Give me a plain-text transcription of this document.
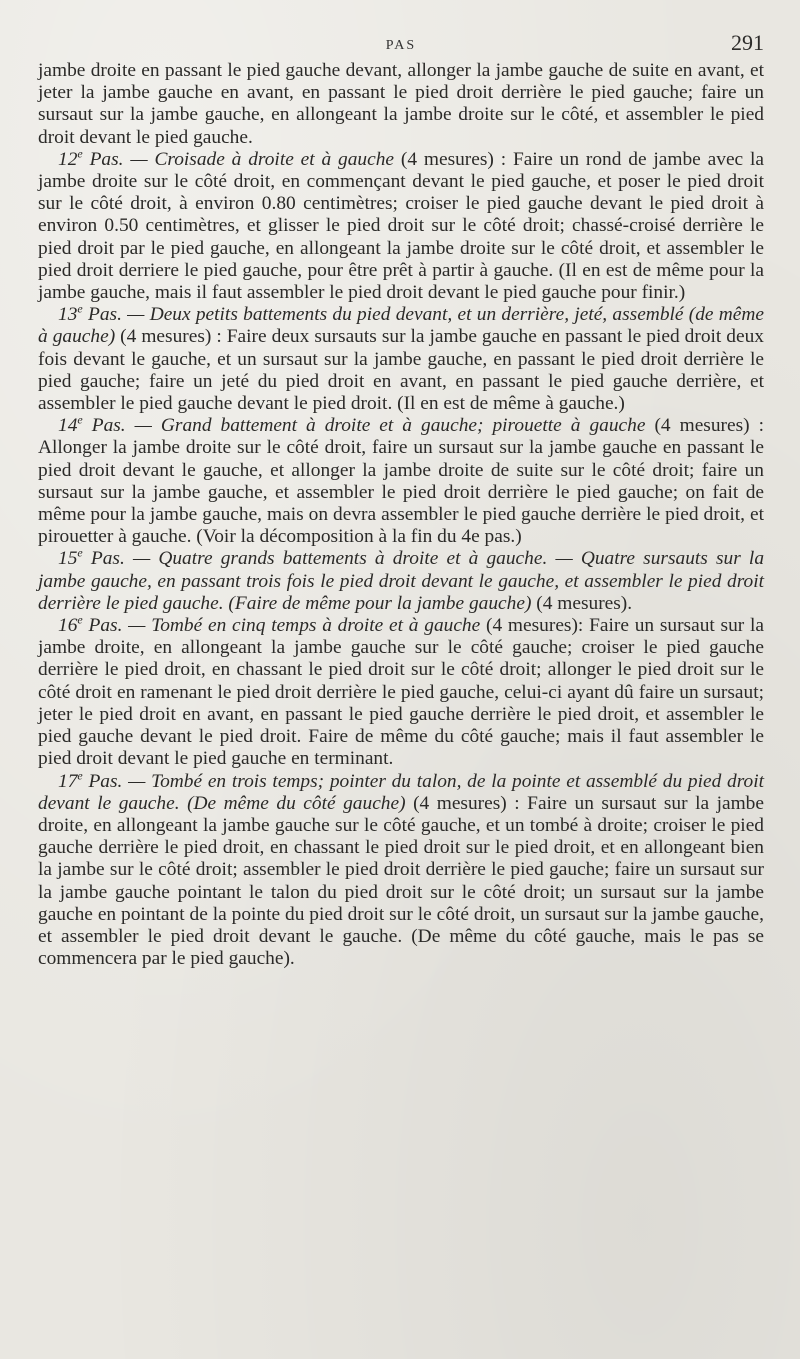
PAS	291

jambe droite en passant le pied gauche devant, allonger la jambe gauche de suite en avant, et jeter la jambe gauche en avant, en passant le pied droit derrière le pied gauche; faire un sursaut sur la jambe gauche, en allongeant la jambe droite sur le côté, et assembler le pied droit devant le pied gauche.

12e Pas. — Croisade à droite et à gauche (4 mesures) : Faire un rond de jambe avec la jambe droite sur le côté droit, en commençant devant le pied gauche, et poser le pied droit sur le côté droit, à environ 0.80 centimètres; croiser le pied gauche devant le pied droit à environ 0.50 centimètres, et glisser le pied droit sur le côté droit; chassé-croisé derrière le pied droit par le pied gauche, en allongeant la jambe droite sur le côté droit, et assembler le pied droit derriere le pied gauche, pour être prêt à partir à gauche. (Il en est de même pour la jambe gauche, mais il faut assembler le pied droit devant le pied gauche pour finir.)

13e Pas. — Deux petits battements du pied devant, et un derrière, jeté, assemblé (de même à gauche) (4 mesures) : Faire deux sursauts sur la jambe gauche en passant le pied droit deux fois devant le gauche, et un sursaut sur la jambe gauche, en passant le pied droit derrière le pied gauche; faire un jeté du pied droit en avant, en passant le pied gauche derrière, et assembler le pied gauche devant le pied droit. (Il en est de même à gauche.)

14e Pas. — Grand battement à droite et à gauche; pirouette à gauche (4 mesures) : Allonger la jambe droite sur le côté droit, faire un sursaut sur la jambe gauche en passant le pied droit devant le gauche, et allonger la jambe droite de suite sur le côté droit; faire un sursaut sur la jambe gauche, et assembler le pied droit derrière le pied gauche; on fait de même pour la jambe gauche, mais on devra assembler le pied gauche derrière le pied droit, et pirouetter à gauche. (Voir la décomposition à la fin du 4e pas.)

15e Pas. — Quatre grands battements à droite et à gauche. — Quatre sursauts sur la jambe gauche, en passant trois fois le pied droit devant le gauche, et assembler le pied droit derrière le pied gauche. (Faire de même pour la jambe gauche) (4 mesures).

16e Pas. — Tombé en cinq temps à droite et à gauche (4 mesures): Faire un sursaut sur la jambe droite, en allongeant la jambe gauche sur le côté gauche; croiser le pied gauche derrière le pied droit, en chassant le pied droit sur le côté droit; allonger le pied droit sur le côté droit en ramenant le pied droit derrière le pied gauche, celui-ci ayant dû faire un sursaut; jeter le pied droit en avant, en passant le pied gauche derrière le pied droit, et assembler le pied gauche devant le pied droit. Faire de même du côté gauche; mais il faut assembler le pied droit devant le pied gauche en terminant.

17e Pas. — Tombé en trois temps; pointer du talon, de la pointe et assemblé du pied droit devant le gauche. (De même du côté gauche) (4 mesures) : Faire un sursaut sur la jambe droite, en allongeant la jambe gauche sur le côté gauche, et un tombé à droite; croiser le pied gauche derrière le pied droit, en chassant le pied droit sur le pied droit, et en allongeant bien la jambe sur le côté droit; assembler le pied droit derrière le pied gauche; faire un sursaut sur la jambe gauche pointant le talon du pied droit sur le côté droit; un sursaut sur la jambe gauche en pointant de la pointe du pied droit sur le côté droit, un sursaut sur la jambe gauche, et assembler le pied droit devant le gauche. (De même du côté gauche, mais le pas se commencera par le pied gauche).
